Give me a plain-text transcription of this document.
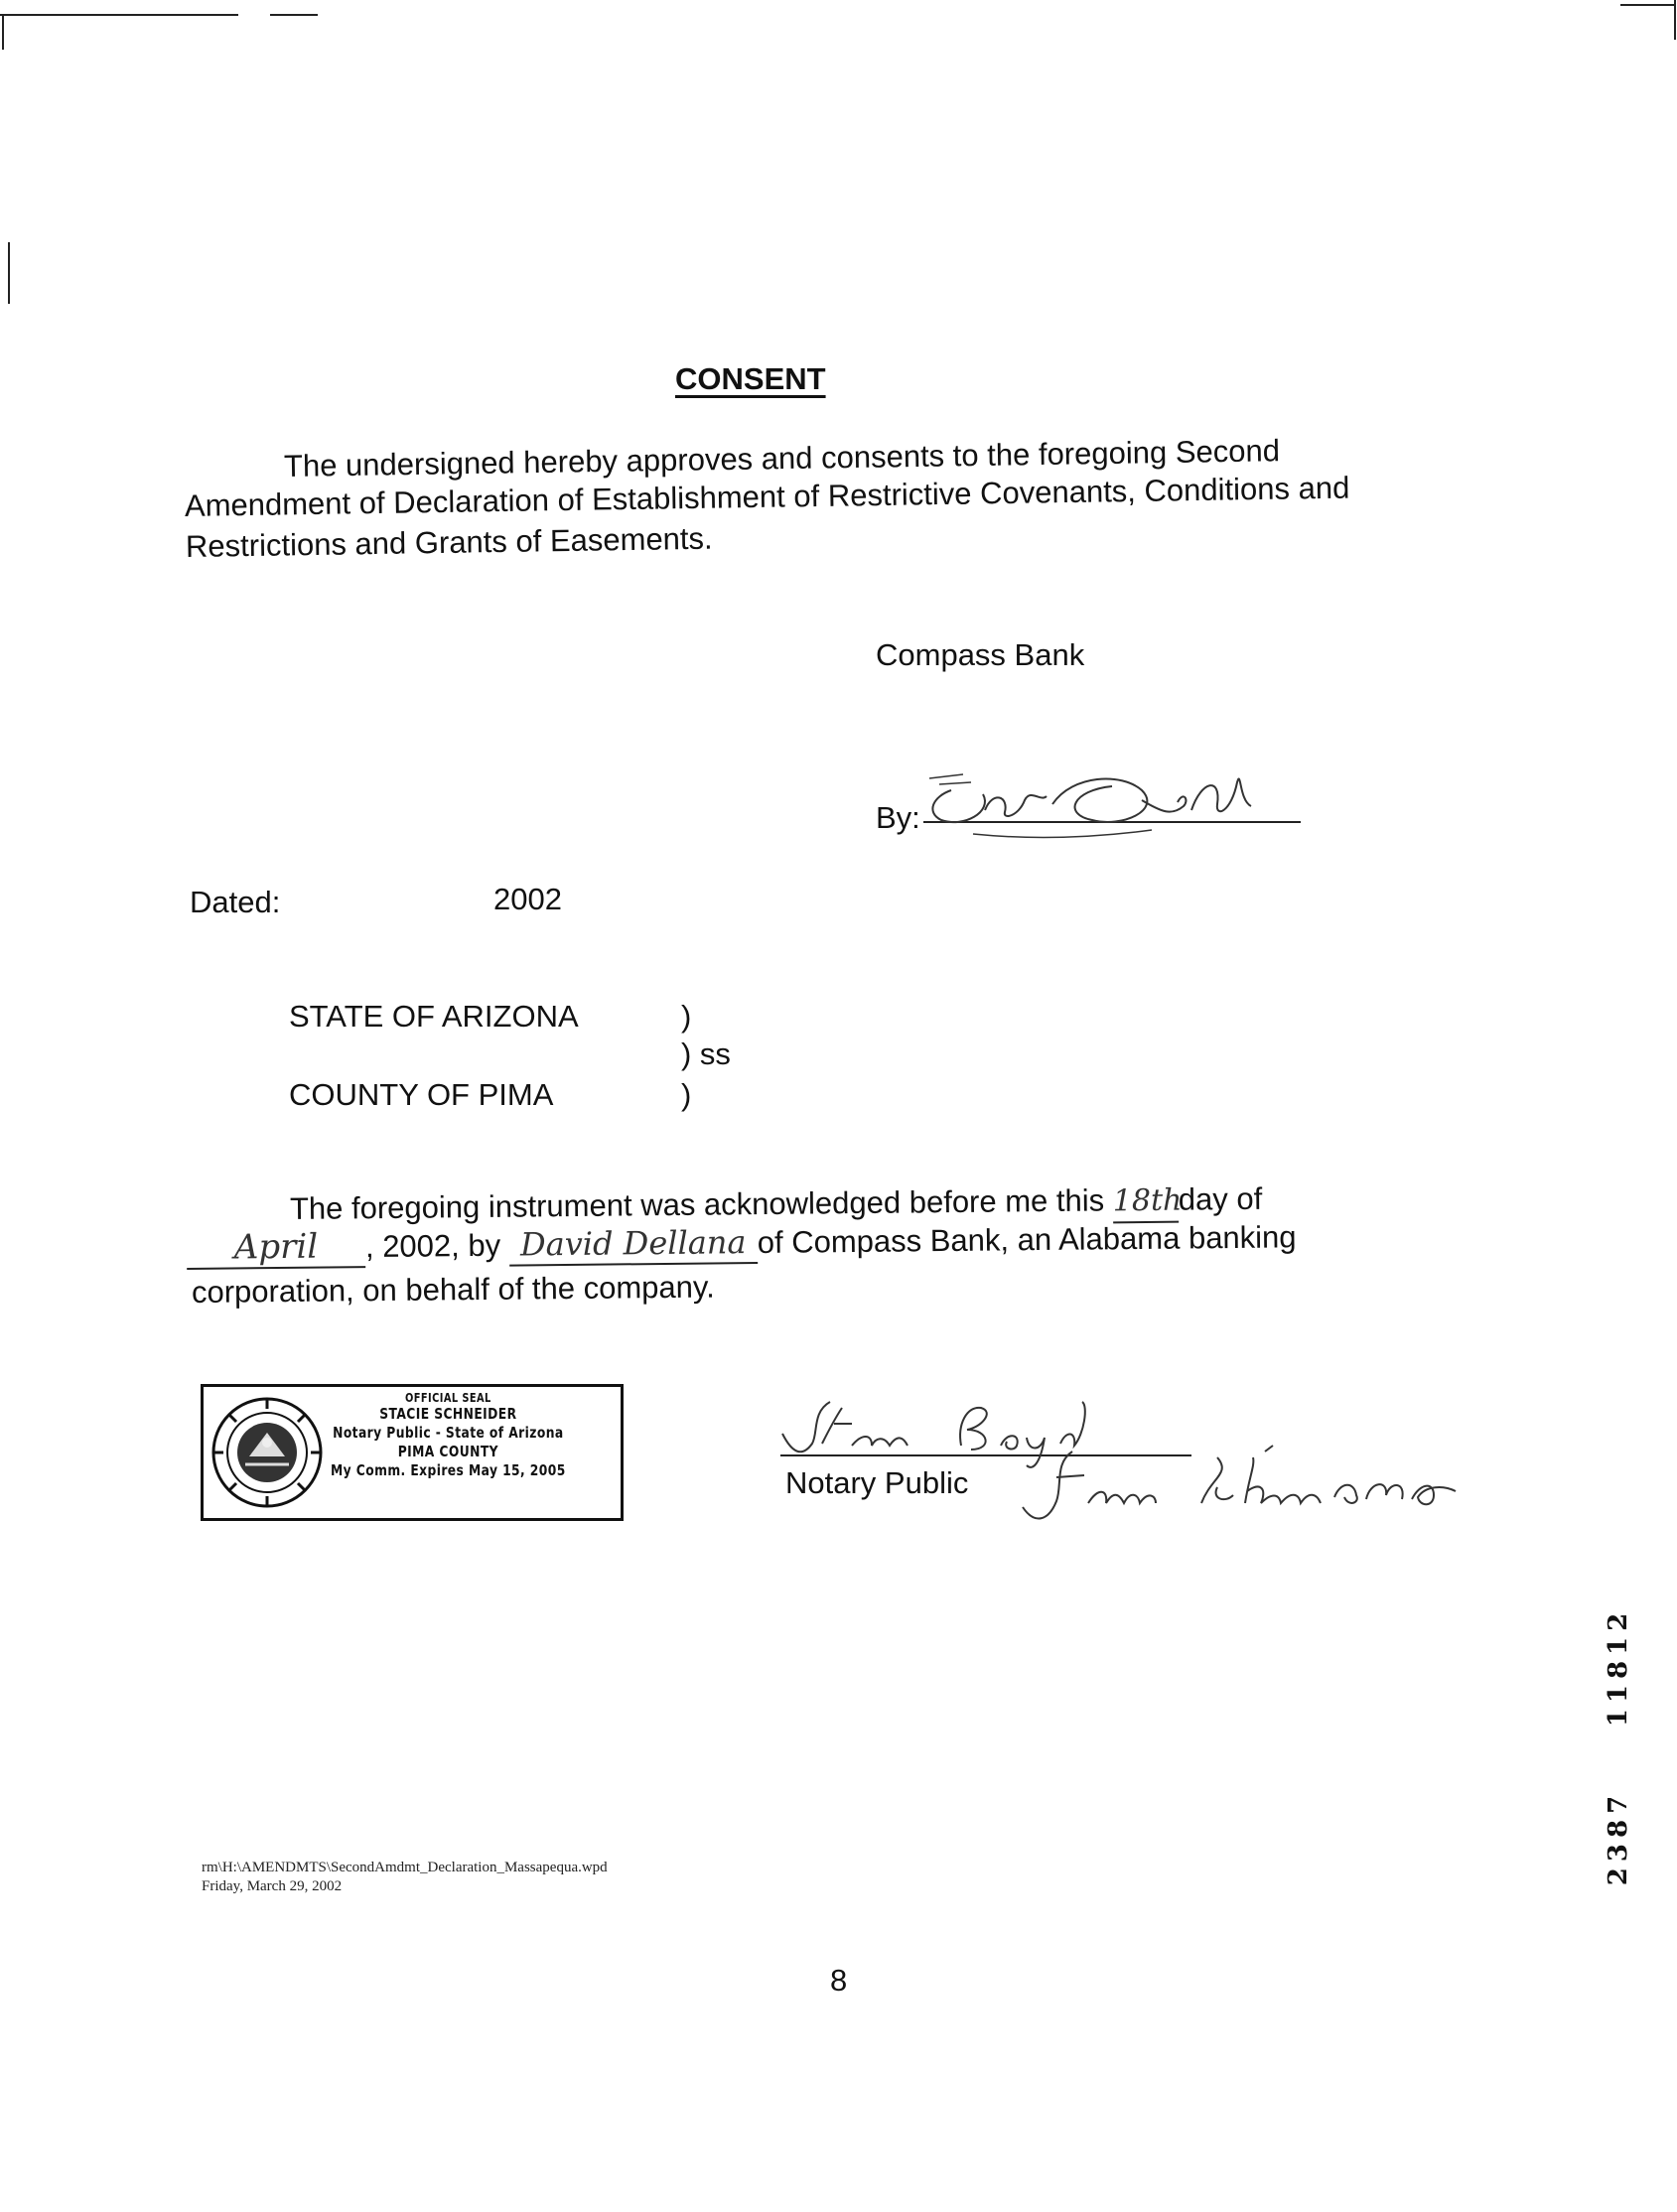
CONSENT
The undersigned hereby approves and consents to the foregoing Second
Amendment of Declaration of Establishment of Restrictive Covenants, Conditions and
Restrictions and Grants of Easements.
Compass Bank
By:
Dated:	2002
STATE OF ARIZONA	)
) ss
COUNTY OF PIMA	)
The foregoing instrument was acknowledged before me this 18thday of
April , 2002, by David Dellana of Compass Bank, an Alabama banking
corporation, on behalf of the company.
OFFICIAL SEAL
STACIE SCHNEIDER
Notary Public - State of Arizona
PIMA COUNTY
My Comm. Expires May 15, 2005	Notary Public
rm\H:\AMENDMTS\SecondAmdmt_Declaration_Massapequa.wpd
Friday, March 29, 2002
8
11812
2387
